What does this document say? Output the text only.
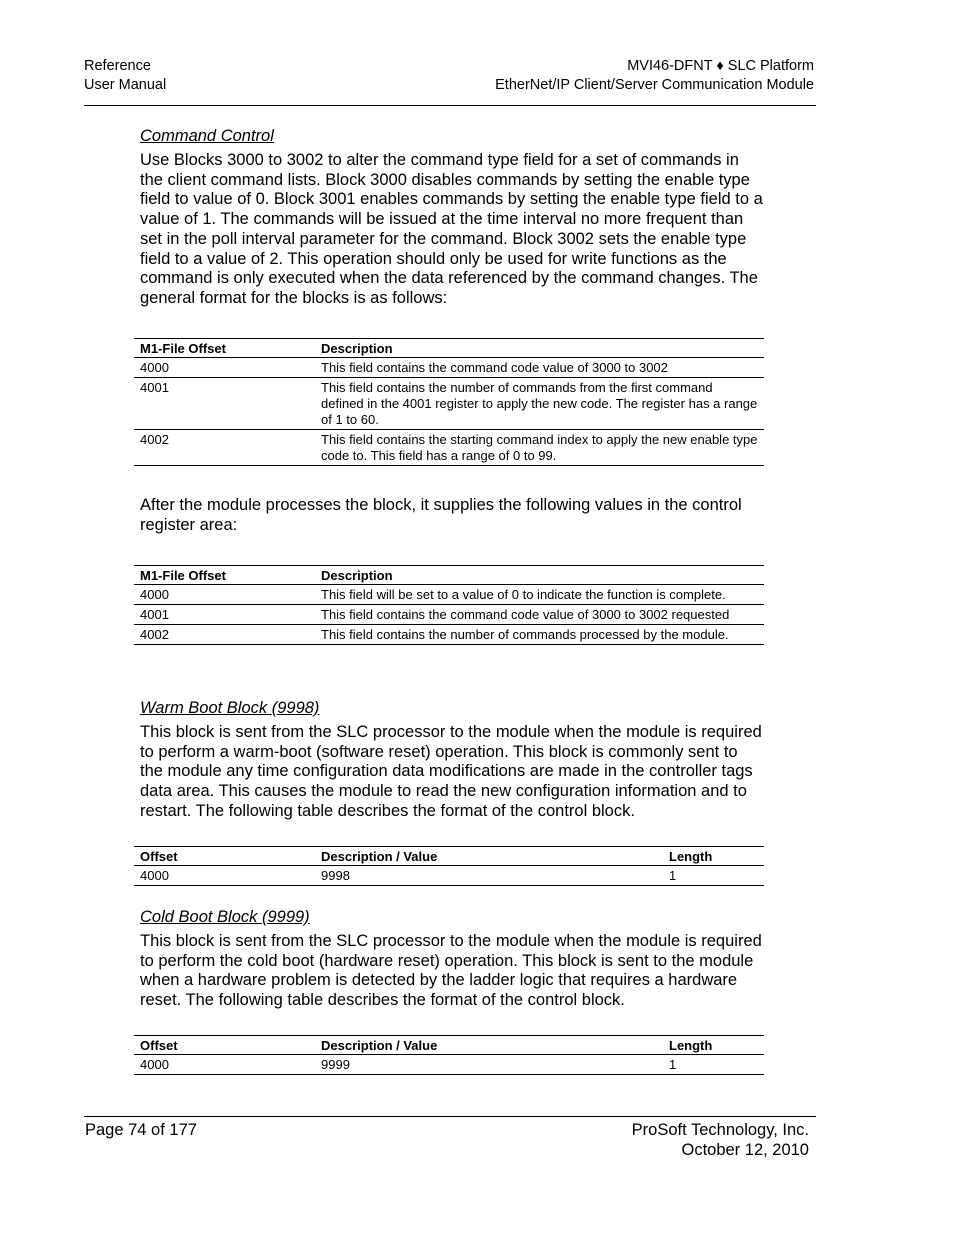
Reference
User Manual
MVI46-DFNT ♦ SLC Platform
EtherNet/IP Client/Server Communication Module
Command Control
Use Blocks 3000 to 3002 to alter the command type field for a set of commands in the client command lists. Block 3000 disables commands by setting the enable type field to value of 0. Block 3001 enables commands by setting the enable type field to a value of 1. The commands will be issued at the time interval no more frequent than set in the poll interval parameter for the command. Block 3002 sets the enable type field to a value of 2. This operation should only be used for write functions as the command is only executed when the data referenced by the command changes. The general format for the blocks is as follows:
M1-File Offset	Description
4000	This field contains the command code value of 3000 to 3002
4001	This field contains the number of commands from the first command defined in the 4001 register to apply the new code. The register has a range of 1 to 60.
4002	This field contains the starting command index to apply the new enable type code to. This field has a range of 0 to 99.
After the module processes the block, it supplies the following values in the control register area:
M1-File Offset	Description
4000	This field will be set to a value of 0 to indicate the function is complete.
4001	This field contains the command code value of 3000 to 3002 requested
4002	This field contains the number of commands processed by the module.
Warm Boot Block (9998)
This block is sent from the SLC processor to the module when the module is required to perform a warm-boot (software reset) operation. This block is commonly sent to the module any time configuration data modifications are made in the controller tags data area. This causes the module to read the new configuration information and to restart. The following table describes the format of the control block.
Offset	Description / Value	Length
4000	9998	1
Cold Boot Block (9999)
This block is sent from the SLC processor to the module when the module is required to perform the cold boot (hardware reset) operation. This block is sent to the module when a hardware problem is detected by the ladder logic that requires a hardware reset. The following table describes the format of the control block.
Offset	Description / Value	Length
4000	9999	1
Page 74 of 177	ProSoft Technology, Inc.
October 12, 2010
